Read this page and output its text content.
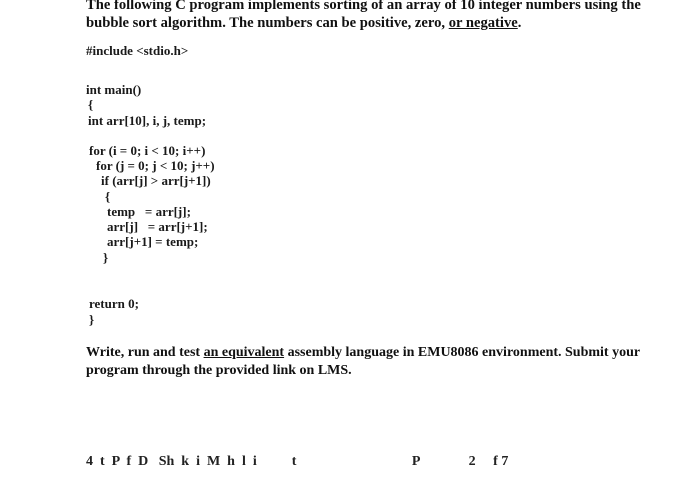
The following C program implements sorting of an array of 10 integer numbers using the
bubble sort algorithm. The numbers can be positive, zero, or negative.
#include <stdio.h>
int main()
{
int arr[10], i, j, temp;
for (i = 0; i < 10; i++)
for (j = 0; j < 10; j++)
if (arr[j] > arr[j+1])
{
temp   = arr[j];
arr[j]   = arr[j+1];
arr[j+1] = temp;
}
return 0;
}
Write, run and test an equivalent assembly language in EMU8086 environment. Submit your
program through the provided link on LMS.

4  t  P  f  D   Sh  k  i  M  h  l  i          t                                 P              2     f 7
